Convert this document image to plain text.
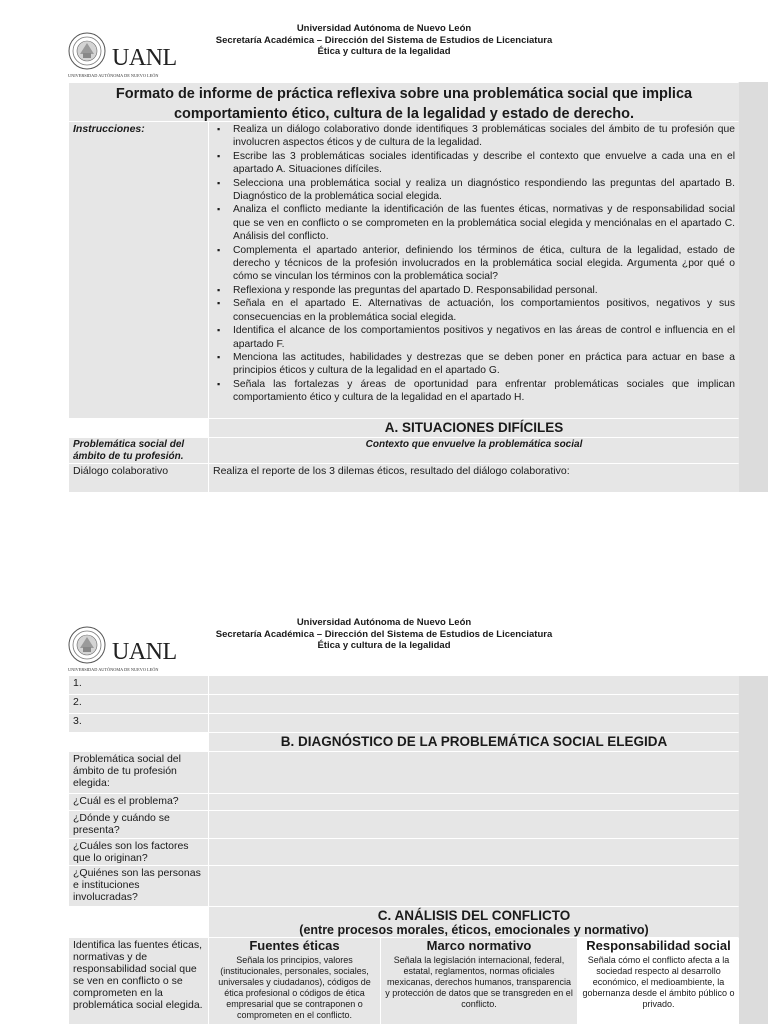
UANL
UNIVERSIDAD AUTÓNOMA DE NUEVO LEÓN
Universidad Autónoma de Nuevo León
Secretaría Académica – Dirección del Sistema de Estudios de Licenciatura
Ética y cultura de la legalidad
Formato de informe de práctica reflexiva sobre una problemática social que implica comportamiento ético, cultura de la legalidad y estado de derecho.
Instrucciones:
▪	Realiza un diálogo colaborativo donde identifiques 3 problemáticas sociales del ámbito de tu profesión que involucren aspectos éticos y de cultura de la legalidad.
▪ Escribe las 3 problemáticas sociales identificadas y describe el contexto que envuelve a cada una en el apartado A. Situaciones difíciles.
▪ Selecciona una problemática social y realiza un diagnóstico respondiendo las preguntas del apartado B. Diagnóstico de la problemática social elegida.
▪ Analiza el conflicto mediante la identificación de las fuentes éticas, normativas y de responsabilidad social que se ven en conflicto o se comprometen en la problemática social elegida y menciónalas en el apartado C. Análisis del conflicto.
▪ Complementa el apartado anterior, definiendo los términos de ética, cultura de la legalidad, estado de derecho y técnicos de la profesión involucrados en la problemática social elegida. Argumenta ¿por qué o cómo se vinculan los términos con la problemática social?
▪ Reflexiona y responde las preguntas del apartado D. Responsabilidad personal.
▪ Señala en el apartado E. Alternativas de actuación, los comportamientos positivos, negativos y sus consecuencias en la problemática social elegida.
▪ Identifica el alcance de los comportamientos positivos y negativos en las áreas de control e influencia en el apartado F.
▪ Menciona las actitudes, habilidades y destrezas que se deben poner en práctica para actuar en base a principios éticos y cultura de la legalidad en el apartado G.
▪ Señala las fortalezas y áreas de oportunidad para enfrentar problemáticas sociales que implican comportamiento ético y cultura de la legalidad en el apartado H.
A. SITUACIONES DIFÍCILES
Problemática social del ámbito de tu profesión.
Contexto que envuelve la problemática social
Diálogo colaborativo	Realiza el reporte de los 3 dilemas éticos, resultado del diálogo colaborativo:
UANL
UNIVERSIDAD AUTÓNOMA DE NUEVO LEÓN
Universidad Autónoma de Nuevo León
Secretaría Académica – Dirección del Sistema de Estudios de Licenciatura
Ética y cultura de la legalidad
1.
2.
3.
B. DIAGNÓSTICO DE LA PROBLEMÁTICA SOCIAL ELEGIDA
Problemática social del ámbito de tu profesión elegida:
¿Cuál es el problema?
¿Dónde y cuándo se presenta?
¿Cuáles son los factores que lo originan?
¿Quiénes son las personas e instituciones involucradas?
C. ANÁLISIS DEL CONFLICTO
(entre procesos morales, éticos, emocionales y normativo)
Identifica las fuentes éticas, normativas y de responsabilidad social que se ven en conflicto o se comprometen en la problemática social elegida.
Fuentes éticas
Señala los principios, valores (institucionales, personales, sociales, universales y ciudadanos), códigos de ética profesional o códigos de ética empresarial que se contraponen o comprometen en el conflicto.
Marco normativo
Señala la legislación internacional, federal, estatal, reglamentos, normas oficiales mexicanas, derechos humanos, transparencia y protección de datos que se transgreden en el conflicto.
Responsabilidad social
Señala cómo el conflicto afecta a la sociedad respecto al desarrollo económico, el medioambiente, la gobernanza desde el ámbito público o privado.
